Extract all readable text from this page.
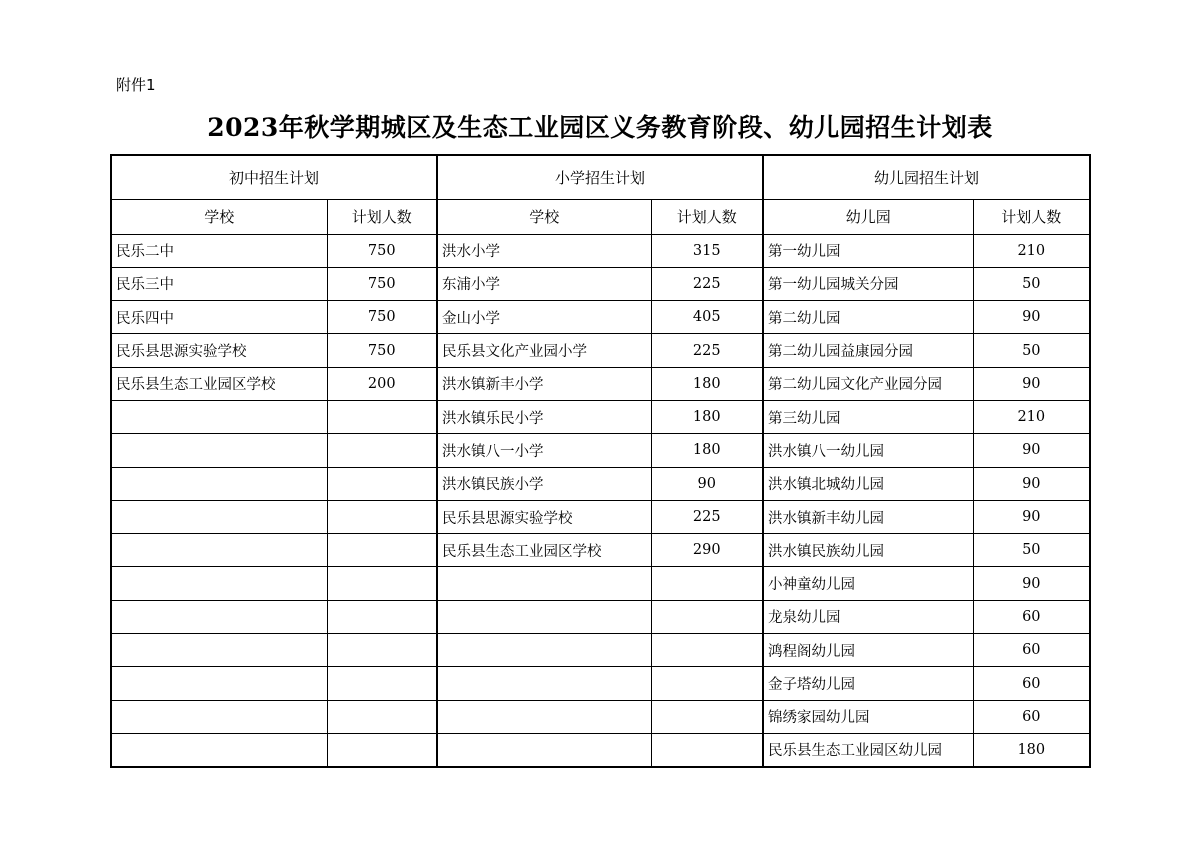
附件1
2023年秋学期城区及生态工业园区义务教育阶段、幼儿园招生计划表
初中招生计划		小学招生计划		幼儿园招生计划	
学校	计划人数	学校	计划人数	幼儿园	计划人数
民乐二中	750	洪水小学	315	第一幼儿园	210
民乐三中	750	东浦小学	225	第一幼儿园城关分园	50
民乐四中	750	金山小学	405	第二幼儿园	90
民乐县思源实验学校	750	民乐县文化产业园小学	225	第二幼儿园益康园分园	50
民乐县生态工业园区学校	200	洪水镇新丰小学	180	第二幼儿园文化产业园分园	90
		洪水镇乐民小学	180	第三幼儿园	210
		洪水镇八一小学	180	洪水镇八一幼儿园	90
		洪水镇民族小学	90	洪水镇北城幼儿园	90
		民乐县思源实验学校	225	洪水镇新丰幼儿园	90
		民乐县生态工业园区学校	290	洪水镇民族幼儿园	50
				小神童幼儿园	90
				龙泉幼儿园	60
				鸿程阁幼儿园	60
				金子塔幼儿园	60
				锦绣家园幼儿园	60
				民乐县生态工业园区幼儿园	180
